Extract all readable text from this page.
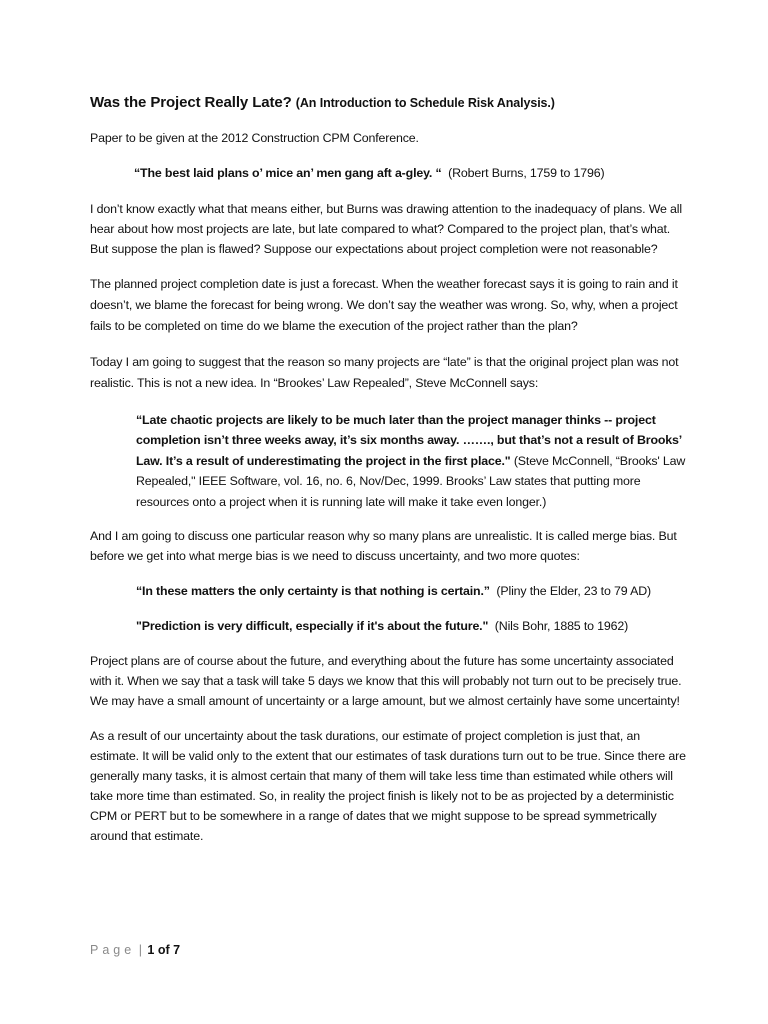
Was the Project Really Late? (An Introduction to Schedule Risk Analysis.)

Paper to be given at the 2012 Construction CPM Conference.

“The best laid plans o’ mice an’ men gang aft a-gley. “ (Robert Burns, 1759 to 1796)

I don’t know exactly what that means either, but Burns was drawing attention to the inadequacy of plans. We all hear about how most projects are late, but late compared to what? Compared to the project plan, that’s what. But suppose the plan is flawed? Suppose our expectations about project completion were not reasonable?

The planned project completion date is just a forecast. When the weather forecast says it is going to rain and it doesn’t, we blame the forecast for being wrong. We don’t say the weather was wrong. So, why, when a project fails to be completed on time do we blame the execution of the project rather than the plan?

Today I am going to suggest that the reason so many projects are “late” is that the original project plan was not realistic. This is not a new idea. In “Brookes’ Law Repealed”, Steve McConnell says:

“Late chaotic projects are likely to be much later than the project manager thinks -- project completion isn’t three weeks away, it’s six months away. ……., but that’s not a result of Brooks’ Law. It’s a result of underestimating the project in the first place." (Steve McConnell, “Brooks' Law Repealed," IEEE Software, vol. 16, no. 6, Nov/Dec, 1999. Brooks’ Law states that putting more resources onto a project when it is running late will make it take even longer.)

And I am going to discuss one particular reason why so many plans are unrealistic. It is called merge bias. But before we get into what merge bias is we need to discuss uncertainty, and two more quotes:

“In these matters the only certainty is that nothing is certain.” (Pliny the Elder, 23 to 79 AD)

"Prediction is very difficult, especially if it's about the future." (Nils Bohr, 1885 to 1962)

Project plans are of course about the future, and everything about the future has some uncertainty associated with it. When we say that a task will take 5 days we know that this will probably not turn out to be precisely true. We may have a small amount of uncertainty or a large amount, but we almost certainly have some uncertainty!

As a result of our uncertainty about the task durations, our estimate of project completion is just that, an estimate. It will be valid only to the extent that our estimates of task durations turn out to be true. Since there are generally many tasks, it is almost certain that many of them will take less time than estimated while others will take more time than estimated. So, in reality the project finish is likely not to be as projected by a deterministic CPM or PERT but to be somewhere in a range of dates that we might suppose to be spread symmetrically around that estimate.

Page | 1 of 7
